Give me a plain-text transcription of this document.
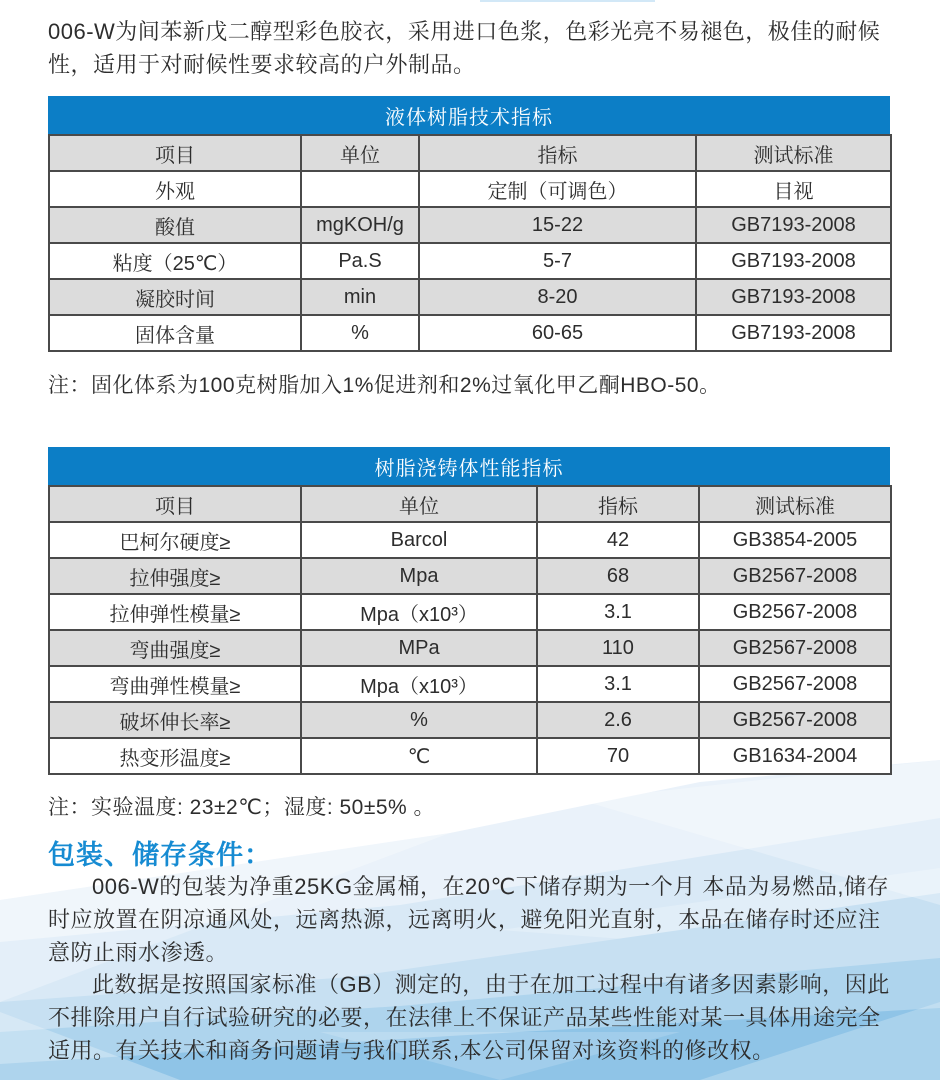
006-W为间苯新戊二醇型彩色胶衣，采用进口色浆，色彩光亮不易褪色，极佳的耐候性，适用于对耐候性要求较高的户外制品。

液体树脂技术指标
项目	单位	指标	测试标准
外观		定制（可调色）	目视
酸值	mgKOH/g	15-22	GB7193-2008
粘度（25℃）	Pa.S	5-7	GB7193-2008
凝胶时间	min	8-20	GB7193-2008
固体含量	%	60-65	GB7193-2008

注：固化体系为100克树脂加入1%促进剂和2%过氧化甲乙酮HBO-50。

树脂浇铸体性能指标
项目	单位	指标	测试标准
巴柯尔硬度≥	Barcol	42	GB3854-2005
拉伸强度≥	Mpa	68	GB2567-2008
拉伸弹性模量≥	Mpa（x10³）	3.1	GB2567-2008
弯曲强度≥	MPa	110	GB2567-2008
弯曲弹性模量≥	Mpa（x10³）	3.1	GB2567-2008
破坏伸长率≥	%	2.6	GB2567-2008
热变形温度≥	℃	70	GB1634-2004

注：实验温度: 23±2℃；湿度: 50±5% 。

包装、储存条件：

006-W的包装为净重25KG金属桶，在20℃下储存期为一个月 本品为易燃品,储存时应放置在阴凉通风处，远离热源，远离明火，避免阳光直射，本品在储存时还应注意防止雨水渗透。

此数据是按照国家标准（GB）测定的，由于在加工过程中有诸多因素影响，因此不排除用户自行试验研究的必要，在法律上不保证产品某些性能对某一具体用途完全适用。有关技术和商务问题请与我们联系,本公司保留对该资料的修改权。
